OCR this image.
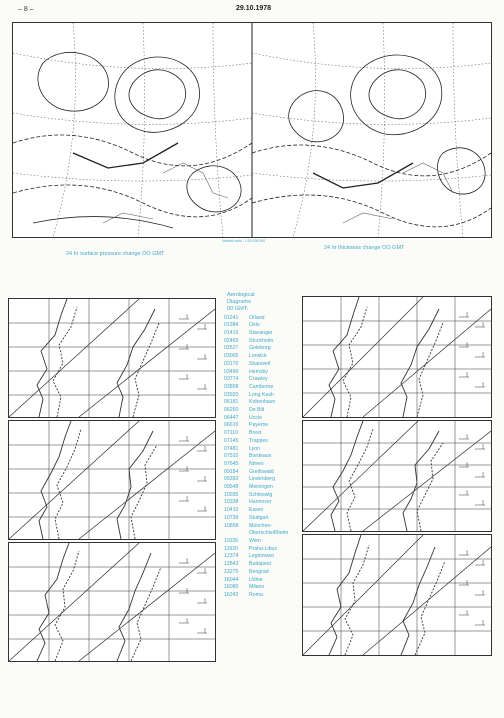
– 8 –	29.10.1978
Vertical units : 1:30 000 000
24 hr surface pressure change OO GMT
24 hr thickness change OO GMT
Aerological
Diagrams
00 GMT:
01241	Orland
01384	Oslo
01415	Stavanger
02465	Stockholm
02527	Goteborg
03005	Lerwick
03170	Shanwell
03496	Hemsby
03774	Crawley
03808	Camborne
03920	Long Kesh
06181	Kobenhavn
06260	De Bilt
06447	Uccle
06610	Payerne
07110	Brest
07145	Trappes
07481	Lyon
07510	Bordeaux
07645	Nimes
09184	Greifswald
09393	Lindenberg
09548	Meiningen
10035	Schleswig
10338	Hannover
10410	Essen
10739	Stuttgart
10868	München-
Oberschleißheim
11035	Wien
11520	Praha-Libus
12374	Legionowo
12843	Budapest
13275	Beograd
16044	Udine
16080	Milano
16242	Roma
